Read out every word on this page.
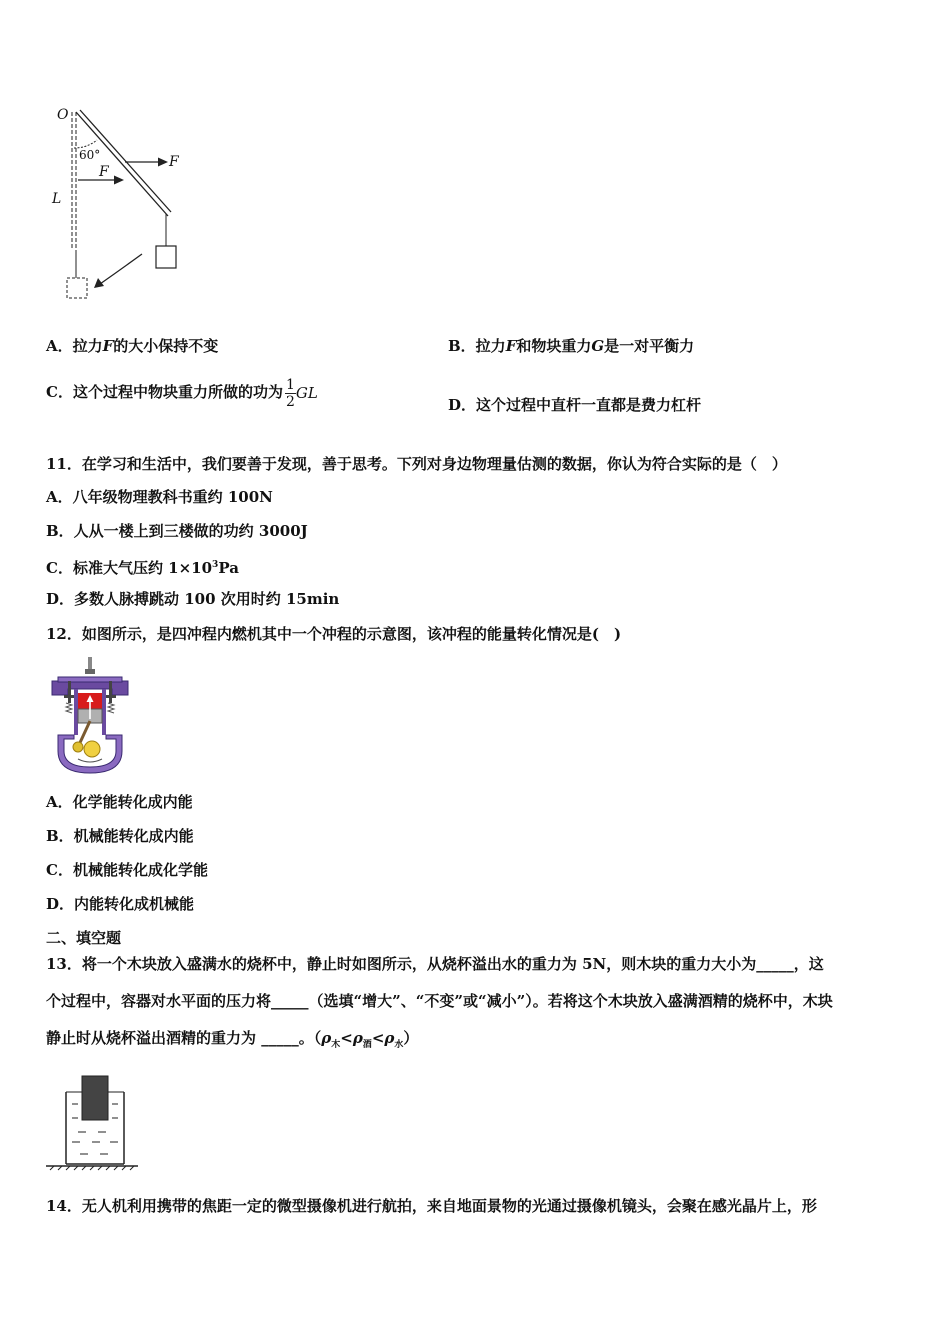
O
60°	F
F
L
A．拉力F的大小保持不变	B．拉力F和物块重力G是一对平衡力
C．这个过程中物块重力所做的功为 $\frac{1}{2}$ GL
D．这个过程中直杆一直都是费力杠杆
11．在学习和生活中，我们要善于发现，善于思考。下列对身边物理量估测的数据，你认为符合实际的是（　）
A．八年级物理教科书重约 100N
B．人从一楼上到三楼做的功约 3000J
C．标准大气压约 $1\times 10^3Pa$
D．多数人脉搏跳动 100 次用时约 15min
12．如图所示，是四冲程内燃机其中一个冲程的示意图，该冲程的能量转化情况是(　)
A．化学能转化成内能
B．机械能转化成内能
C．机械能转化成化学能
D．内能转化成机械能
二、填空题
13．将一个木块放入盛满水的烧杯中，静止时如图所示，从烧杯溢出水的重力为 5N，则木块的重力大小为_____，这
个过程中，容器对水平面的压力将_____（选填“增大”、“不变”或“减小”）。若将这个木块放入盛满酒精的烧杯中，木块
静止时从烧杯溢出酒精的重力为 _____。$(\rho_木<\rho_酒<\rho_水)$
14．无人机利用携带的焦距一定的微型摄像机进行航拍，来自地面景物的光通过摄像机镜头，会聚在感光晶片上，形
